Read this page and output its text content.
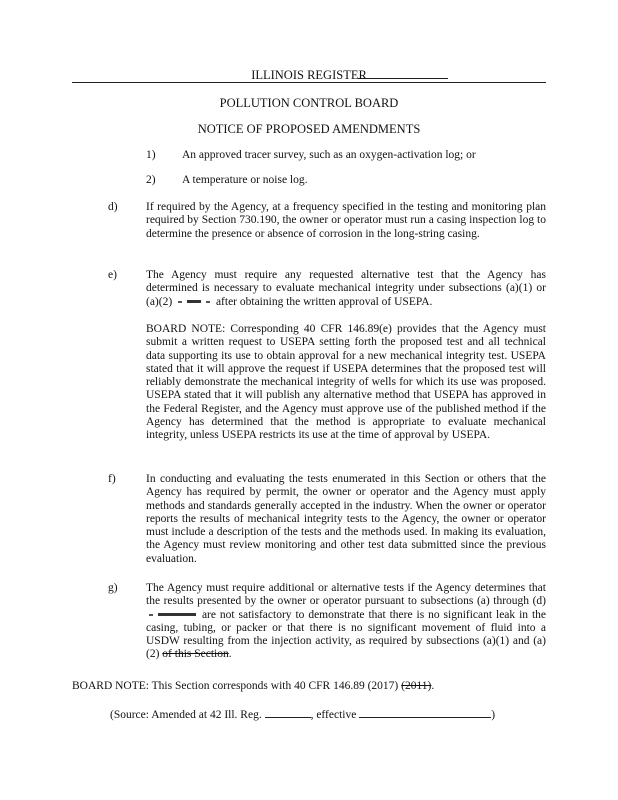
ILLINOIS REGISTER
POLLUTION CONTROL BOARD
NOTICE OF PROPOSED AMENDMENTS
1) An approved tracer survey, such as an oxygen-activation log; or
2) A temperature or noise log.
d) If required by the Agency, at a frequency specified in the testing and monitoring plan required by Section 730.190, the owner or operator must run a casing inspection log to determine the presence or absence of corrosion in the long-string casing.
e)	The Agency must require any requested alternative test that the Agency has determined is necessary to evaluate mechanical integrity under subsections (a)(1) or (a)(2)	after obtaining the written approval of USEPA.
BOARD NOTE: Corresponding 40 CFR 146.89(e) provides that the Agency must submit a written request to USEPA setting forth the proposed test and all technical data supporting its use to obtain approval for a new mechanical integrity test. USEPA stated that it will approve the request if USEPA determines that the proposed test will reliably demonstrate the mechanical integrity of wells for which its use was proposed. USEPA stated that it will publish any alternative method that USEPA has approved in the Federal Register, and the Agency must approve use of the published method if the Agency has determined that the method is appropriate to evaluate mechanical integrity, unless USEPA restricts its use at the time of approval by USEPA.
f)	In conducting and evaluating the tests enumerated in this Section or others that the Agency has required by permit, the owner or operator and the Agency must apply methods and standards generally accepted in the industry. When the owner or operator reports the results of mechanical integrity tests to the Agency, the owner or operator must include a description of the tests and the methods used. In making its evaluation, the Agency must review monitoring and other test data submitted since the previous evaluation.
g) The Agency must require additional or alternative tests if the Agency determines that the results presented by the owner or operator pursuant to subsections (a) through (d)  are not satisfactory to demonstrate that there is no significant leak in the casing, tubing, or packer or that there is no significant movement of fluid into a USDW resulting from the injection activity, as required by subsections (a)(1) and (a)(2) of this Section.
BOARD NOTE: This Section corresponds with 40 CFR 146.89 (2017) (2011).
(Source: Amended at 42 Ill. Reg.	, effective	)
